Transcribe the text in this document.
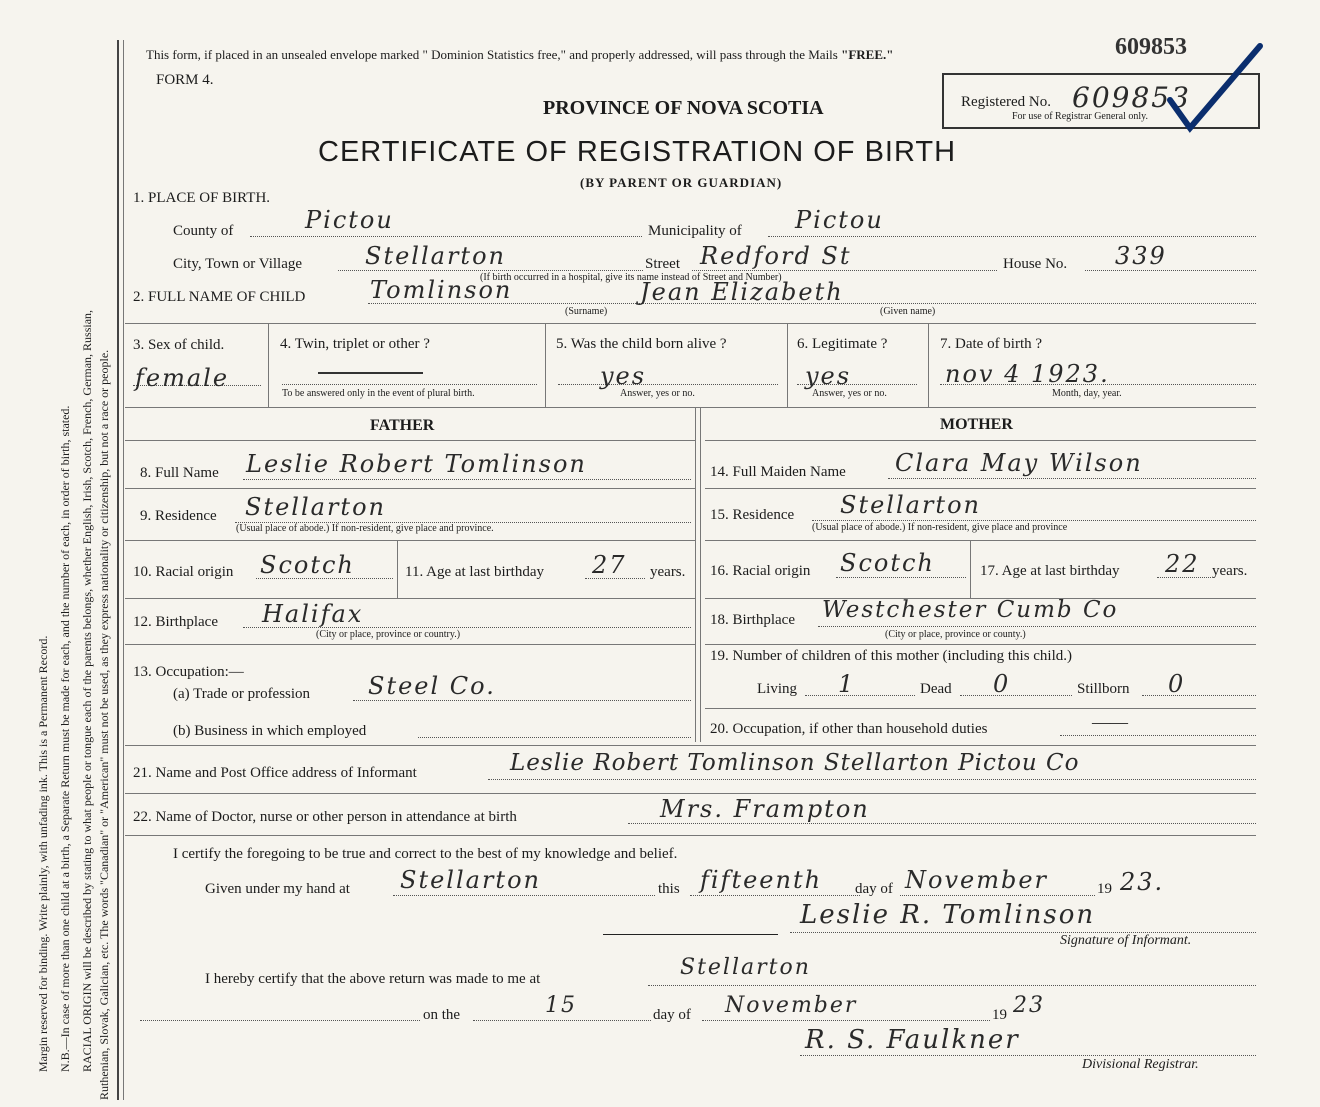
Margin reserved for binding. Write plainly, with unfading ink. This is a Permanent Record. N.B.—In case of more than one child at a birth, a Separate Return must be made for each, and the number of each, in order of birth, stated. RACIAL ORIGIN will be described by stating to what people or tongue each of the parents belongs, whether English, Irish, Scotch, French, German, Russian, Ruthenian, Slovak, Galician, etc. The words "Canadian" or "American" must not be used, as they express nationality or citizenship, but not a race or people.
This form, if placed in an unsealed envelope marked " Dominion Statistics free," and properly addressed, will pass through the Mails "FREE."
FORM 4.
609853
Registered No. 609853
For use of Registrar General only.
PROVINCE OF NOVA SCOTIA
CERTIFICATE OF REGISTRATION OF BIRTH
(BY PARENT OR GUARDIAN)
1. PLACE OF BIRTH.
County of	Pictou	Municipality of Pictou
City, Town or Village	Stellarton	Street Redford St	House No. 339
(If birth occurred in a hospital, give its name instead of Street and Number)
2. FULL NAME OF CHILD	Tomlinson	Jean Elizabeth
(Surname)	(Given name)
3. Sex of child.
female
4. Twin, triplet or other ?
To be answered only in the event of plural birth.
5. Was the child born alive ?
yes
Answer, yes or no.
6. Legitimate ?
yes
Answer, yes or no.
7. Date of birth ?
nov 4 1923.
Month, day, year.
FATHER	MOTHER
8. Full Name Leslie Robert Tomlinson
9. Residence Stellarton
(Usual place of abode.) If non-resident, give place and province.
10. Racial origin Scotch	11. Age at last birthday 27 years.
12. Birthplace Halifax
(City or place, province or country.)
13. Occupation:—
(a) Trade or profession Steel Co.
(b) Business in which employed
14. Full Maiden Name Clara May Wilson
15. Residence Stellarton
(Usual place of abode.) If non-resident, give place and province
16. Racial origin Scotch	17. Age at last birthday 22 years.
18. Birthplace Westchester Cumb Co
(City or place, province or county.)
19. Number of children of this mother (including this child.)
Living 1	Dead 0	Stillborn 0
20. Occupation, if other than household duties	——
21. Name and Post Office address of Informant	Leslie Robert Tomlinson Stellarton Pictou Co
22. Name of Doctor, nurse or other person in attendance at birth	Mrs. Frampton
I certify the foregoing to be true and correct to the best of my knowledge and belief.
Given under my hand at Stellarton	this fifteenth day of November	19 23.
Leslie R. Tomlinson
Signature of Informant.
I hereby certify that the above return was made to me at	Stellarton
on the	15	day of November	19 23
R. S. Faulkner
Divisional Registrar.
